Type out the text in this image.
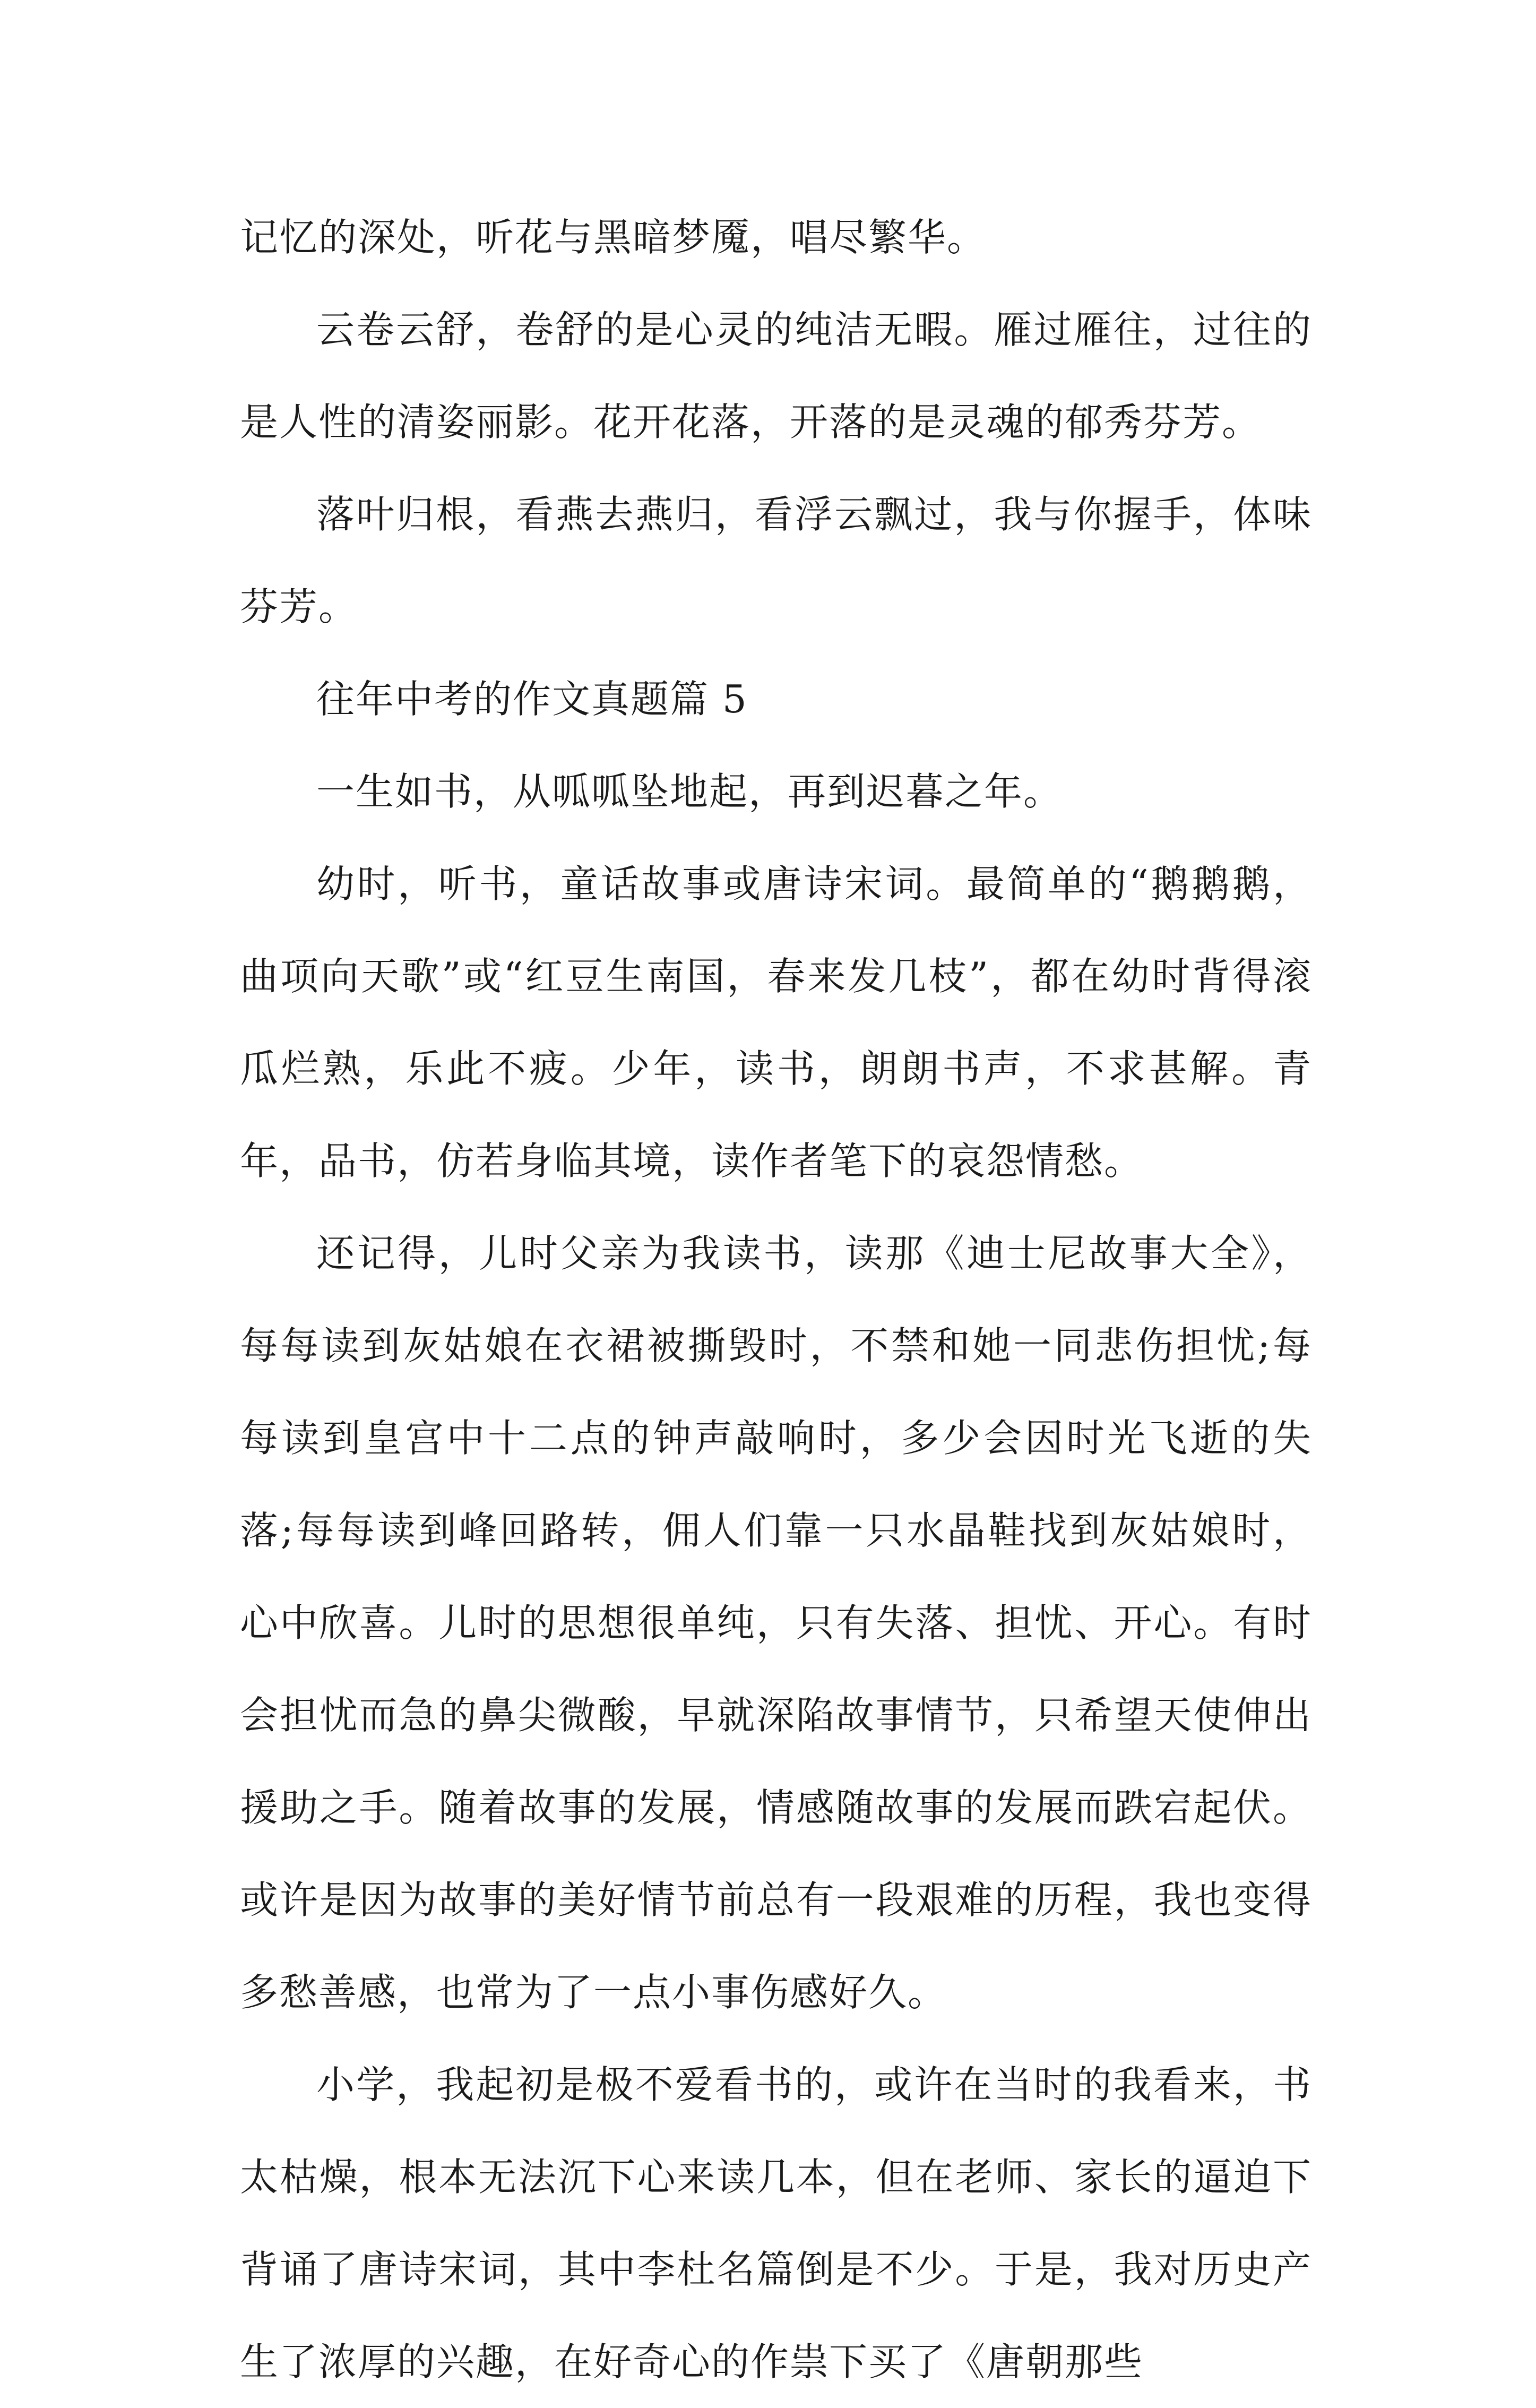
记忆的深处，听花与黑暗梦魇，唱尽繁华。

云卷云舒，卷舒的是心灵的纯洁无暇。雁过雁往，过往的是人性的清姿丽影。花开花落，开落的是灵魂的郁秀芬芳。

落叶归根，看燕去燕归，看浮云飘过，我与你握手，体味芬芳。

往年中考的作文真题篇 5

一生如书，从呱呱坠地起，再到迟暮之年。

幼时，听书，童话故事或唐诗宋词。最简单的“鹅鹅鹅，曲项向天歌”或“红豆生南国，春来发几枝”，都在幼时背得滚瓜烂熟，乐此不疲。少年，读书，朗朗书声，不求甚解。青年，品书，仿若身临其境，读作者笔下的哀怨情愁。

还记得，儿时父亲为我读书，读那《迪士尼故事大全》，每每读到灰姑娘在衣裙被撕毁时，不禁和她一同悲伤担忧;每每读到皇宫中十二点的钟声敲响时，多少会因时光飞逝的失落;每每读到峰回路转，佣人们靠一只水晶鞋找到灰姑娘时，心中欣喜。儿时的思想很单纯，只有失落、担忧、开心。有时会担忧而急的鼻尖微酸，早就深陷故事情节，只希望天使伸出援助之手。随着故事的发展，情感随故事的发展而跌宕起伏。或许是因为故事的美好情节前总有一段艰难的历程，我也变得多愁善感，也常为了一点小事伤感好久。

小学，我起初是极不爱看书的，或许在当时的我看来，书太枯燥，根本无法沉下心来读几本，但在老师、家长的逼迫下背诵了唐诗宋词，其中李杜名篇倒是不少。于是，我对历史产生了浓厚的兴趣，在好奇心的作祟下买了《唐朝那些
